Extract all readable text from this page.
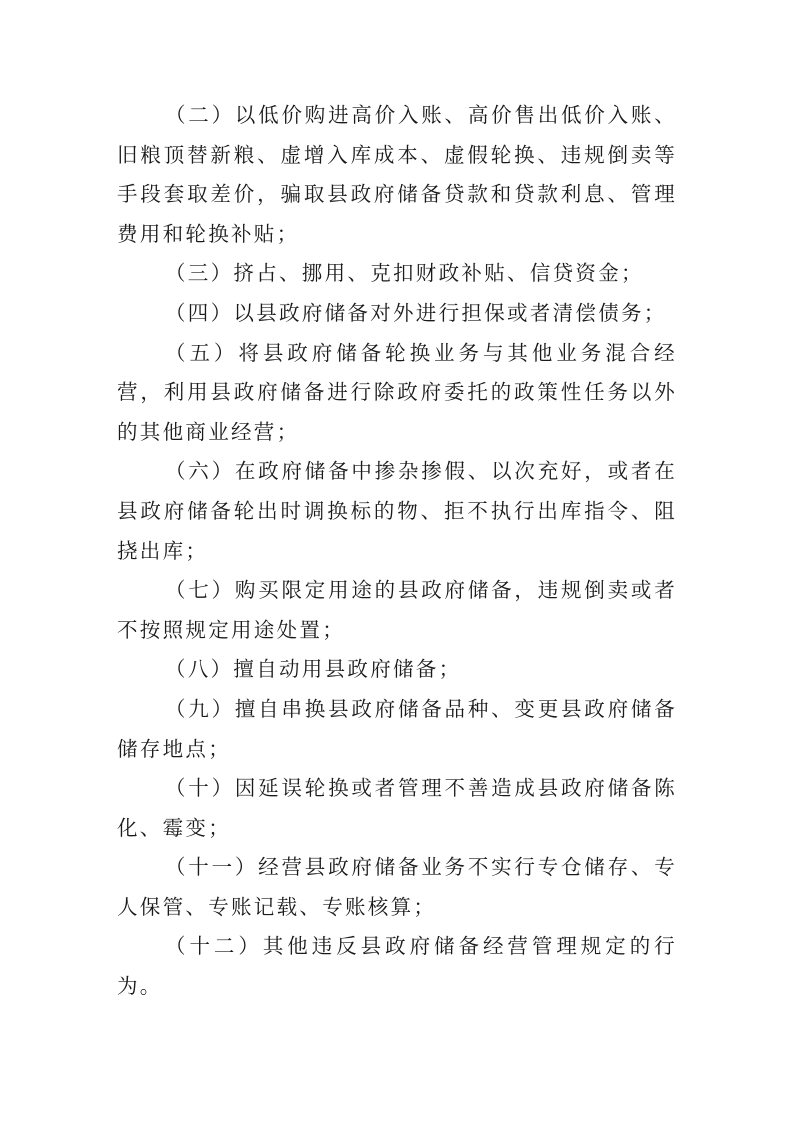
（二）以低价购进高价入账、高价售出低价入账、旧粮顶替新粮、虚增入库成本、虚假轮换、违规倒卖等手段套取差价，骗取县政府储备贷款和贷款利息、管理费用和轮换补贴；

（三）挤占、挪用、克扣财政补贴、信贷资金；

（四）以县政府储备对外进行担保或者清偿债务；

（五）将县政府储备轮换业务与其他业务混合经营，利用县政府储备进行除政府委托的政策性任务以外的其他商业经营；

（六）在政府储备中掺杂掺假、以次充好，或者在县政府储备轮出时调换标的物、拒不执行出库指令、阻挠出库；

（七）购买限定用途的县政府储备，违规倒卖或者不按照规定用途处置；

（八）擅自动用县政府储备；

（九）擅自串换县政府储备品种、变更县政府储备储存地点；

（十）因延误轮换或者管理不善造成县政府储备陈化、霉变；

（十一）经营县政府储备业务不实行专仓储存、专人保管、专账记载、专账核算；

（十二）其他违反县政府储备经营管理规定的行为。
